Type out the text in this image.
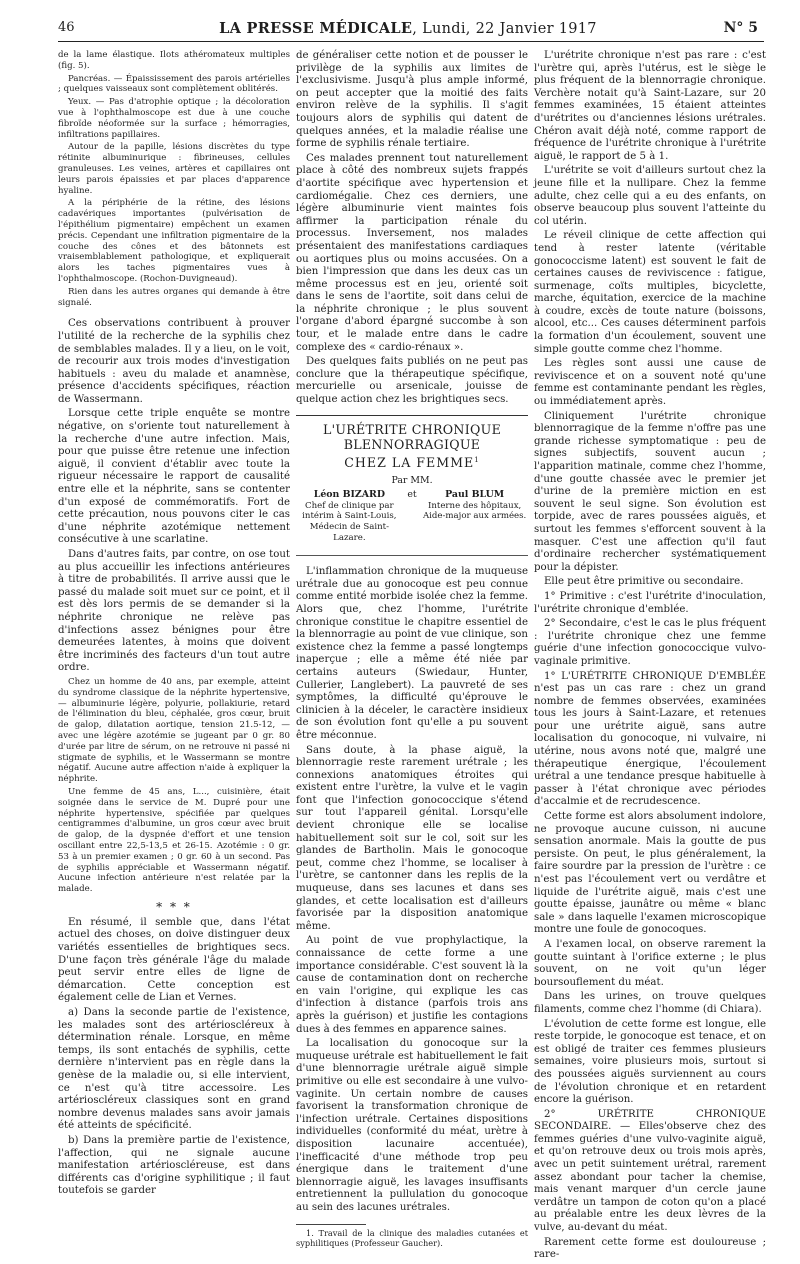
46	LA PRESSE MÉDICALE, Lundi, 22 Janvier 1917	N° 5

de la lame élastique. Ilots athéromateux multiples (fig. 5).

Pancréas. — Épaississement des parois artérielles ; quelques vaisseaux sont complètement oblitérés.

Yeux. — Pas d'atrophie optique ; la décoloration vue à l'ophthalmoscope est due à une couche fibroïde néoformée sur la surface ; hémorragies, infiltrations papillaires.

Autour de la papille, lésions discrètes du type rétinite albuminurique : fibrineuses, cellules granuleuses. Les veines, artères et capillaires ont leurs parois épaissies et par places d'apparence hyaline.

A la périphérie de la rétine, des lésions cadavériques importantes (pulvérisation de l'épithélium pigmentaire) empêchent un examen précis. Cependant une infiltration pigmentaire de la couche des cônes et des bâtonnets est vraisemblablement pathologique, et expliquerait alors les taches pigmentaires vues à l'ophthalmoscope. (Rochon-Duvigneaud).

Rien dans les autres organes qui demande à être signalé.

Ces observations contribuent à prouver l'utilité de la recherche de la syphilis chez de semblables malades. Il y a lieu, on le voit, de recourir aux trois modes d'investigation habituels : aveu du malade et anamnèse, présence d'accidents spécifiques, réaction de Wassermann.

Lorsque cette triple enquête se montre négative, on s'oriente tout naturellement à la recherche d'une autre infection. Mais, pour que puisse être retenue une infection aiguë, il convient d'établir avec toute la rigueur nécessaire le rapport de causalité entre elle et la néphrite, sans se contenter d'un exposé de commémoratifs. Fort de cette précaution, nous pouvons citer le cas d'une néphrite azotémique nettement consécutive à une scarlatine.

Dans d'autres faits, par contre, on ose tout au plus accueillir les infections antérieures à titre de probabilités. Il arrive aussi que le passé du malade soit muet sur ce point, et il est dès lors permis de se demander si la néphrite chronique ne relève pas d'infections assez bénignes pour être demeurées latentes, à moins que doivent être incriminés des facteurs d'un tout autre ordre.

Chez un homme de 40 ans, par exemple, atteint du syndrome classique de la néphrite hypertensive, — albuminurie légère, polyurie, pollakiurie, retard de l'élimination du bleu, céphalée, gros cœur, bruit de galop, dilatation aortique, tension 21.5-12, — avec une légère azotémie se jugeant par 0 gr. 80 d'urée par litre de sérum, on ne retrouve ni passé ni stigmate de syphilis, et le Wassermann se montre négatif. Aucune autre affection n'aide à expliquer la néphrite.

Une femme de 45 ans, L..., cuisinière, était soignée dans le service de M. Dupré pour une néphrite hypertensive, spécifiée par quelques centigrammes d'albumine, un gros cœur avec bruit de galop, de la dyspnée d'effort et une tension oscillant entre 22,5-13,5 et 26-15. Azotémie : 0 gr. 53 à un premier examen ; 0 gr. 60 à un second. Pas de syphilis appréciable et Wassermann négatif. Aucune infection antérieure n'est relatée par la malade.

* * *

En résumé, il semble que, dans l'état actuel des choses, on doive distinguer deux variétés essentielles de brightiques secs. D'une façon très générale l'âge du malade peut servir entre elles de ligne de démarcation. Cette conception est également celle de Lian et Vernes.

a) Dans la seconde partie de l'existence, les malades sont des artérioscléreux à détermination rénale. Lorsque, en même temps, ils sont entachés de syphilis, cette dernière n'intervient pas en règle dans la genèse de la maladie ou, si elle intervient, ce n'est qu'à titre accessoire. Les artérioscléreux classiques sont en grand nombre devenus malades sans avoir jamais été atteints de spécificité.

b) Dans la première partie de l'existence, l'affection, qui ne signale aucune manifestation artérioscléreuse, est dans différents cas d'origine syphilitique ; il faut toutefois se garder

de généraliser cette notion et de pousser le privilège de la syphilis aux limites de l'exclusivisme. Jusqu'à plus ample informé, on peut accepter que la moitié des faits environ relève de la syphilis. Il s'agit toujours alors de syphilis qui datent de quelques années, et la maladie réalise une forme de syphilis rénale tertiaire.

Ces malades prennent tout naturellement place à côté des nombreux sujets frappés d'aortite spécifique avec hypertension et cardiomégalie. Chez ces derniers, une légère albuminurie vient maintes fois affirmer la participation rénale du processus. Inversement, nos malades présentaient des manifestations cardiaques ou aortiques plus ou moins accusées. On a bien l'impression que dans les deux cas un même processus est en jeu, orienté soit dans le sens de l'aortite, soit dans celui de la néphrite chronique ; le plus souvent l'organe d'abord épargné succombe à son tour, et le malade entre dans le cadre complexe des « cardio-rénaux ».

Des quelques faits publiés on ne peut pas conclure que la thérapeutique spécifique, mercurielle ou arsenicale, jouisse de quelque action chez les brightiques secs.

L'URÉTRITE CHRONIQUE BLENNORRAGIQUE
CHEZ LA FEMME$^1$
Par MM.
Léon BIZARD
Chef de clinique par intérim à Saint-Louis, Médecin de Saint-Lazare.
et	Paul BLUM
Interne des hôpitaux, Aide-major aux armées.

L'inflammation chronique de la muqueuse urétrale due au gonocoque est peu connue comme entité morbide isolée chez la femme. Alors que, chez l'homme, l'urétrite chronique constitue le chapitre essentiel de la blennorragie au point de vue clinique, son existence chez la femme a passé longtemps inaperçue ; elle a même été niée par certains auteurs (Swiedaur, Hunter, Cullerier, Langlebert). La pauvreté de ses symptômes, la difficulté qu'éprouve le clinicien à la déceler, le caractère insidieux de son évolution font qu'elle a pu souvent être méconnue.

Sans doute, à la phase aiguë, la blennorragie reste rarement urétrale ; les connexions anatomiques étroites qui existent entre l'urètre, la vulve et le vagin font que l'infection gonococcique s'étend sur tout l'appareil génital. Lorsqu'elle devient chronique elle se localise habituellement soit sur le col, soit sur les glandes de Bartholin. Mais le gonocoque peut, comme chez l'homme, se localiser à l'urètre, se cantonner dans les replis de la muqueuse, dans ses lacunes et dans ses glandes, et cette localisation est d'ailleurs favorisée par la disposition anatomique même.

Au point de vue prophylactique, la connaissance de cette forme a une importance considérable. C'est souvent là la cause de contamination dont on recherche en vain l'origine, qui explique les cas d'infection à distance (parfois trois ans après la guérison) et justifie les contagions dues à des femmes en apparence saines.

La localisation du gonocoque sur la muqueuse urétrale est habituellement le fait d'une blennorragie urétrale aiguë simple primitive ou elle est secondaire à une vulvo-vaginite. Un certain nombre de causes favorisent la transformation chronique de l'infection urétrale. Certaines dispositions individuelles (conformité du méat, urètre à disposition lacunaire accentuée), l'inefficacité d'une méthode trop peu énergique dans le traitement d'une blennorragie aiguë, les lavages insuffisants entretiennent la pullulation du gonocoque au sein des lacunes urétrales.

1. Travail de la clinique des maladies cutanées et syphilitiques (Professeur Gaucher).

L'urétrite chronique n'est pas rare : c'est l'urètre qui, après l'utérus, est le siège le plus fréquent de la blennorragie chronique. Verchère notait qu'à Saint-Lazare, sur 20 femmes examinées, 15 étaient atteintes d'urétrites ou d'anciennes lésions urétrales. Chéron avait déjà noté, comme rapport de fréquence de l'urétrite chronique à l'urétrite aiguë, le rapport de 5 à 1.

L'urétrite se voit d'ailleurs surtout chez la jeune fille et la nullipare. Chez la femme adulte, chez celle qui a eu des enfants, on observe beaucoup plus souvent l'atteinte du col utérin.

Le réveil clinique de cette affection qui tend à rester latente (véritable gonococcisme latent) est souvent le fait de certaines causes de reviviscence : fatigue, surmenage, coïts multiples, bicyclette, marche, équitation, exercice de la machine à coudre, excès de toute nature (boissons, alcool, etc... Ces causes déterminent parfois la formation d'un écoulement, souvent une simple goutte comme chez l'homme.

Les règles sont aussi une cause de reviviscence et on a souvent noté qu'une femme est contaminante pendant les règles, ou immédiatement après.

Cliniquement l'urétrite chronique blennorragique de la femme n'offre pas une grande richesse symptomatique : peu de signes subjectifs, souvent aucun ; l'apparition matinale, comme chez l'homme, d'une goutte chassée avec le premier jet d'urine de la première miction en est souvent le seul signe. Son évolution est torpide, avec de rares poussées aiguës, et surtout les femmes s'efforcent souvent à la masquer. C'est une affection qu'il faut d'ordinaire rechercher systématiquement pour la dépister.

Elle peut être primitive ou secondaire.

1° Primitive : c'est l'urétrite d'inoculation, l'urétrite chronique d'emblée.

2° Secondaire, c'est le cas le plus fréquent : l'urétrite chronique chez une femme guérie d'une infection gonococcique vulvo-vaginale primitive.

1° L'URÉTRITE CHRONIQUE D'EMBLÉE n'est pas un cas rare : chez un grand nombre de femmes observées, examinées tous les jours à Saint-Lazare, et retenues pour une urétrite aiguë, sans autre localisation du gonocoque, ni vulvaire, ni utérine, nous avons noté que, malgré une thérapeutique énergique, l'écoulement urétral a une tendance presque habituelle à passer à l'état chronique avec périodes d'accalmie et de recrudescence.

Cette forme est alors absolument indolore, ne provoque aucune cuisson, ni aucune sensation anormale. Mais la goutte de pus persiste. On peut, le plus généralement, la faire sourdre par la pression de l'urètre : ce n'est pas l'écoulement vert ou verdâtre et liquide de l'urétrite aiguë, mais c'est une goutte épaisse, jaunâtre ou même « blanc sale » dans laquelle l'examen microscopique montre une foule de gonocoques.

A l'examen local, on observe rarement la goutte suintant à l'orifice externe ; le plus souvent, on ne voit qu'un léger boursouflement du méat.

Dans les urines, on trouve quelques filaments, comme chez l'homme (di Chiara).

L'évolution de cette forme est longue, elle reste torpide, le gonocoque est tenace, et on est obligé de traiter ces femmes plusieurs semaines, voire plusieurs mois, surtout si des poussées aiguës surviennent au cours de l'évolution chronique et en retardent encore la guérison.

2° URÉTRITE CHRONIQUE SECONDAIRE. — Elles'observe chez des femmes guéries d'une vulvo-vaginite aiguë, et qu'on retrouve deux ou trois mois après, avec un petit suintement urétral, rarement assez abondant pour tacher la chemise, mais venant marquer d'un cercle jaune verdâtre un tampon de coton qu'on a placé au préalable entre les deux lèvres de la vulve, au-devant du méat.

Rarement cette forme est douloureuse ; rare-
